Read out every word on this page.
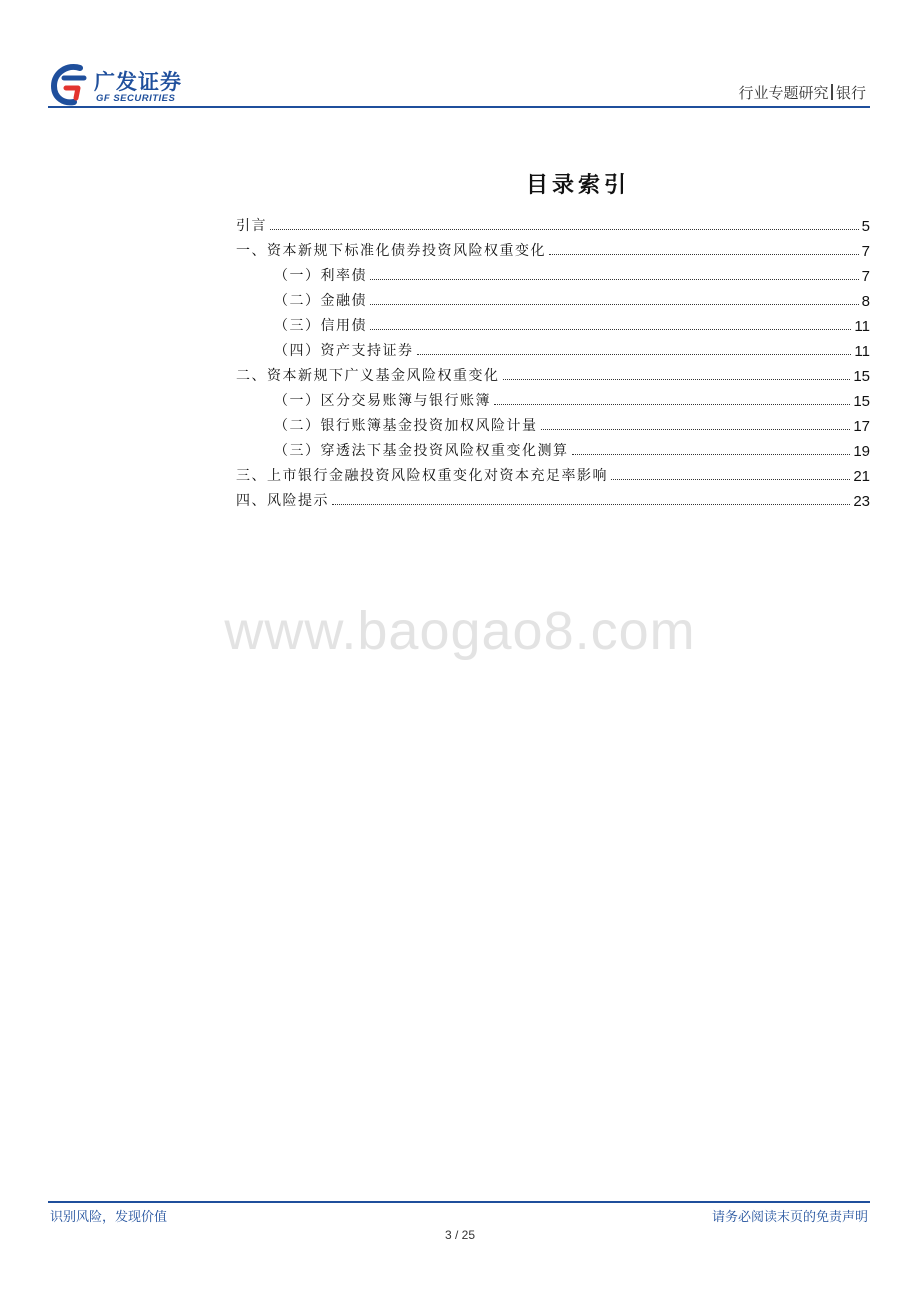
广发证券
GF SECURITIES	行业专题研究 银行
目录索引
引言	5
一、资本新规下标准化债券投资风险权重变化	7
（一）利率债	7
（二）金融债	8
（三）信用债	11
（四）资产支持证券	11
二、资本新规下广义基金风险权重变化	15
（一）区分交易账簿与银行账簿	15
（二）银行账簿基金投资加权风险计量	17
（三）穿透法下基金投资风险权重变化测算	19
三、上市银行金融投资风险权重变化对资本充足率影响	21
四、风险提示	23
www.baogao8.com
识别风险，发现价值	请务必阅读末页的免责声明
3 / 25
